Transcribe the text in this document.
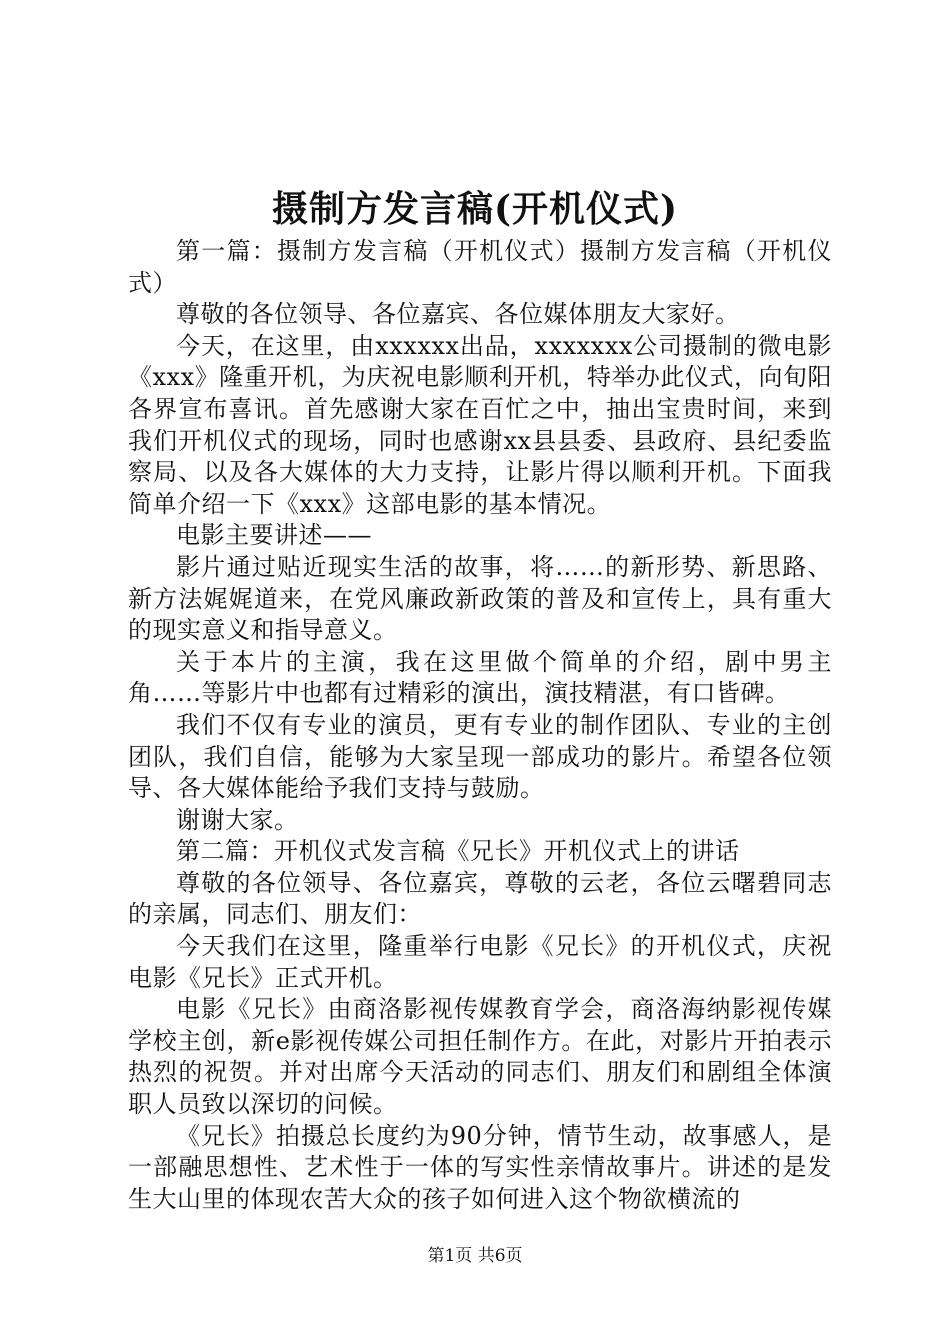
摄制方发言稿(开机仪式)

第一篇：摄制方发言稿（开机仪式）摄制方发言稿（开机仪式）

尊敬的各位领导、各位嘉宾、各位媒体朋友大家好。

今天，在这里，由xxxxxx出品，xxxxxxx公司摄制的微电影《xxx》隆重开机，为庆祝电影顺利开机，特举办此仪式，向旬阳各界宣布喜讯。首先感谢大家在百忙之中，抽出宝贵时间，来到我们开机仪式的现场，同时也感谢xx县县委、县政府、县纪委监察局、以及各大媒体的大力支持，让影片得以顺利开机。下面我简单介绍一下《xxx》这部电影的基本情况。

电影主要讲述——

影片通过贴近现实生活的故事，将……的新形势、新思路、新方法娓娓道来，在党风廉政新政策的普及和宣传上，具有重大的现实意义和指导意义。

关于本片的主演，我在这里做个简单的介绍，剧中男主角……等影片中也都有过精彩的演出，演技精湛，有口皆碑。

我们不仅有专业的演员，更有专业的制作团队、专业的主创团队，我们自信，能够为大家呈现一部成功的影片。希望各位领导、各大媒体能给予我们支持与鼓励。

谢谢大家。

第二篇：开机仪式发言稿《兄长》开机仪式上的讲话

尊敬的各位领导、各位嘉宾，尊敬的云老，各位云曙碧同志的亲属，同志们、朋友们：

今天我们在这里，隆重举行电影《兄长》的开机仪式，庆祝电影《兄长》正式开机。

电影《兄长》由商洛影视传媒教育学会，商洛海纳影视传媒学校主创，新e影视传媒公司担任制作方。在此，对影片开拍表示热烈的祝贺。并对出席今天活动的同志们、朋友们和剧组全体演职人员致以深切的问候。

《兄长》拍摄总长度约为90分钟，情节生动，故事感人，是一部融思想性、艺术性于一体的写实性亲情故事片。讲述的是发生大山里的体现农苦大众的孩子如何进入这个物欲横流的

第1页 共6页
